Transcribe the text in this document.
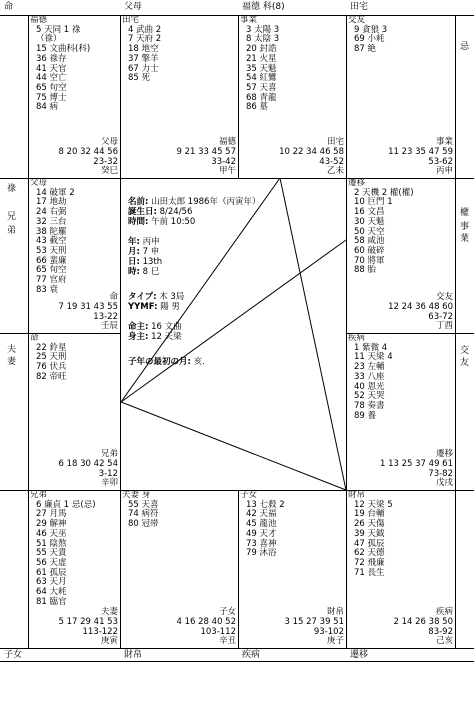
命	父母	福德 科(8)	田宅
子女	財帛	疾病	遷移
祿
兄
弟
夫
妻
忌
權
事
業
交
友
福德
5 天同 1 祿
（祿）
15 文曲科(科)
36 祿存
41 天官
44 空亡
65 旬空
75 博士
84 病
父母
8 20 32 44 56
23-32
癸巳
田宅
4 武曲 2
7 天府 2
18 地空
37 擎羊
67 力士
85 死
福德
9 21 33 45 57
33-42
甲午
事業
3 太陽 3
8 太陰 3
20 封誥
21 火星
35 天魁
54 紅鸞
57 天喜
68 青龍
86 墓
田宅
10 22 34 46 58
43-52
乙未
交友
9 貪狼 3
69 小耗
87 絶
事業
11 23 35 47 59
53-62
丙申
父母
14 破軍 2
17 地劫
24 右弼
32 三台
38 陀羅
43 截空
53 天刑
66 蜚廉
65 旬空
77 官府
83 衰
命
7 19 31 43 55
13-22
壬辰
遷移
2 天機 2 權(權)
10 巨門 1
16 文昌
30 天魁
50 天空
58 咸池
60 破碎
70 將軍
88 胎
交友
12 24 36 48 60
63-72
丁酉
命
22 鈴星
25 天刑
76 伏兵
82 帝旺
兄弟
6 18 30 42 54
3-12
辛卯
疾病
1 紫微 4
11 天梁 4
23 左輔
33 八座
40 恩光
52 天哭
78 奏書
89 養
遷移
1 13 25 37 49 61
73-82
戊戌
兄弟
6 廉貞 1 忌(忌)
27 月馬
29 解神
46 天巫
51 陰熬
55 天貴
56 天虚
61 孤辰
63 天月
64 大耗
81 臨官
夫妻
5 17 29 41 53
113-122
庚寅
夫妻 身
55 天喜
74 病符
80 冠帯
子女
4 16 28 40 52
103-112
辛丑
子女
13 七殺 2
42 天福
45 龍池
49 天才
73 喜神
79 沐浴
財帛
3 15 27 39 51
93-102
庚子
財帛
12 天梁 5
19 台輔
26 天傷
39 天鉞
47 孤辰
62 天德
72 飛廉
71 長生
疾病
2 14 26 38 50
83-92
己亥
名前: 山田太郎 1986年（丙寅年）
誕生日: 8/24/56
時間: 午前 10:50
年: 丙申
月: 7 申
日: 13th
時: 8 巳
タイプ: 木 3局
YYMF: 陽 男
命主: 16 文曲
身主: 12 天梁
子年の最初の月: 亥.
